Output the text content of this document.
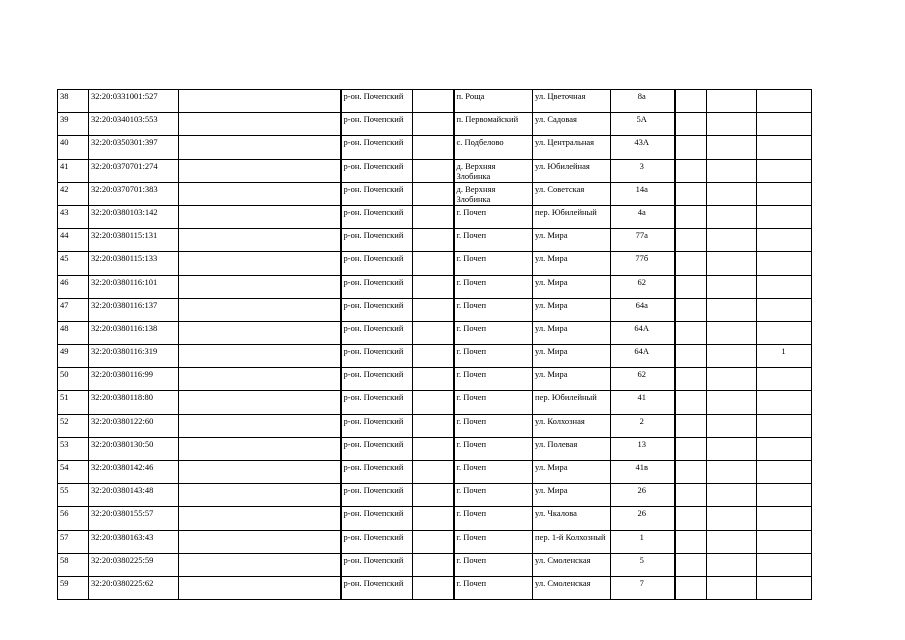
38	32:20:0331001:527		р-он. Почепский		п. Роща	ул. Цветочная	8а			
39	32:20:0340103:553		р-он. Почепский		п. Первомайский	ул. Садовая	5А			
40	32:20:0350301:397		р-он. Почепский		с. Подбелово	ул. Центральная	43А			
41	32:20:0370701:274		р-он. Почепский		д. Верхняя Злобинка	ул. Юбилейная	3			
42	32:20:0370701:383		р-он. Почепский		д. Верхняя Злобинка	ул. Советская	14а			
43	32:20:0380103:142		р-он. Почепский		г. Почеп	пер. Юбилейный	4а			
44	32:20:0380115:131		р-он. Почепский		г. Почеп	ул. Мира	77а			
45	32:20:0380115:133		р-он. Почепский		г. Почеп	ул. Мира	77б			
46	32:20:0380116:101		р-он. Почепский		г. Почеп	ул. Мира	62			
47	32:20:0380116:137		р-он. Почепский		г. Почеп	ул. Мира	64а			
48	32:20:0380116:138		р-он. Почепский		г. Почеп	ул. Мира	64А			
49	32:20:0380116:319		р-он. Почепский		г. Почеп	ул. Мира	64А			1
50	32:20:0380116:99		р-он. Почепский		г. Почеп	ул. Мира	62			
51	32:20:0380118:80		р-он. Почепский		г. Почеп	пер. Юбилейный	41			
52	32:20:0380122:60		р-он. Почепский		г. Почеп	ул. Колхозная	2			
53	32:20:0380130:50		р-он. Почепский		г. Почеп	ул. Полевая	13			
54	32:20:0380142:46		р-он. Почепский		г. Почеп	ул. Мира	41в			
55	32:20:0380143:48		р-он. Почепский		г. Почеп	ул. Мира	26			
56	32:20:0380155:57		р-он. Почепский		г. Почеп	ул. Чкалова	26			
57	32:20:0380163:43		р-он. Почепский		г. Почеп	пер. 1-й Колхозный	1			
58	32:20:0380225:59		р-он. Почепский		г. Почеп	ул. Смоленская	5			
59	32:20:0380225:62		р-он. Почепский		г. Почеп	ул. Смоленская	7			
